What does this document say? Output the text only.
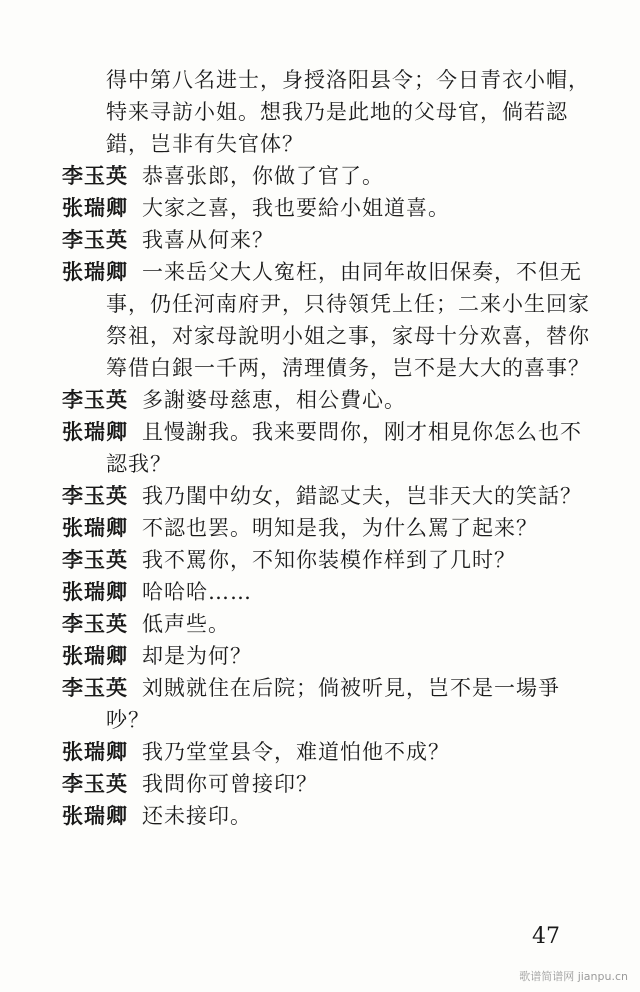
得中第八名进士，身授洛阳县令；今日青衣小帽，
特来寻訪小姐。想我乃是此地的父母官，倘若認
錯，岂非有失官体？
李玉英 恭喜张郎，你做了官了。
张瑞卿 大家之喜，我也要給小姐道喜。
李玉英 我喜从何来？
张瑞卿 一来岳父大人寃枉，由同年故旧保奏，不但无
事，仍任河南府尹，只待領凭上任；二来小生回家
祭祖，对家母說明小姐之事，家母十分欢喜，替你
筹借白銀一千两，淸理債务，岂不是大大的喜事？
李玉英 多謝婆母慈恵，相公費心。
张瑞卿 且慢謝我。我来要問你，刚才相見你怎么也不
認我？
李玉英 我乃閨中幼女，錯認丈夫，岂非天大的笑話？
张瑞卿 不認也罢。明知是我，为什么罵了起来？
李玉英 我不罵你，不知你装模作样到了几时？
张瑞卿 哈哈哈……
李玉英 低声些。
张瑞卿 却是为何？
李玉英 刘賊就住在后院；倘被听見，岂不是一場爭
吵？
张瑞卿 我乃堂堂县令，难道怕他不成？
李玉英 我問你可曾接印？
张瑞卿 还未接印。
47
歌谱简谱网 jianpu.cn
